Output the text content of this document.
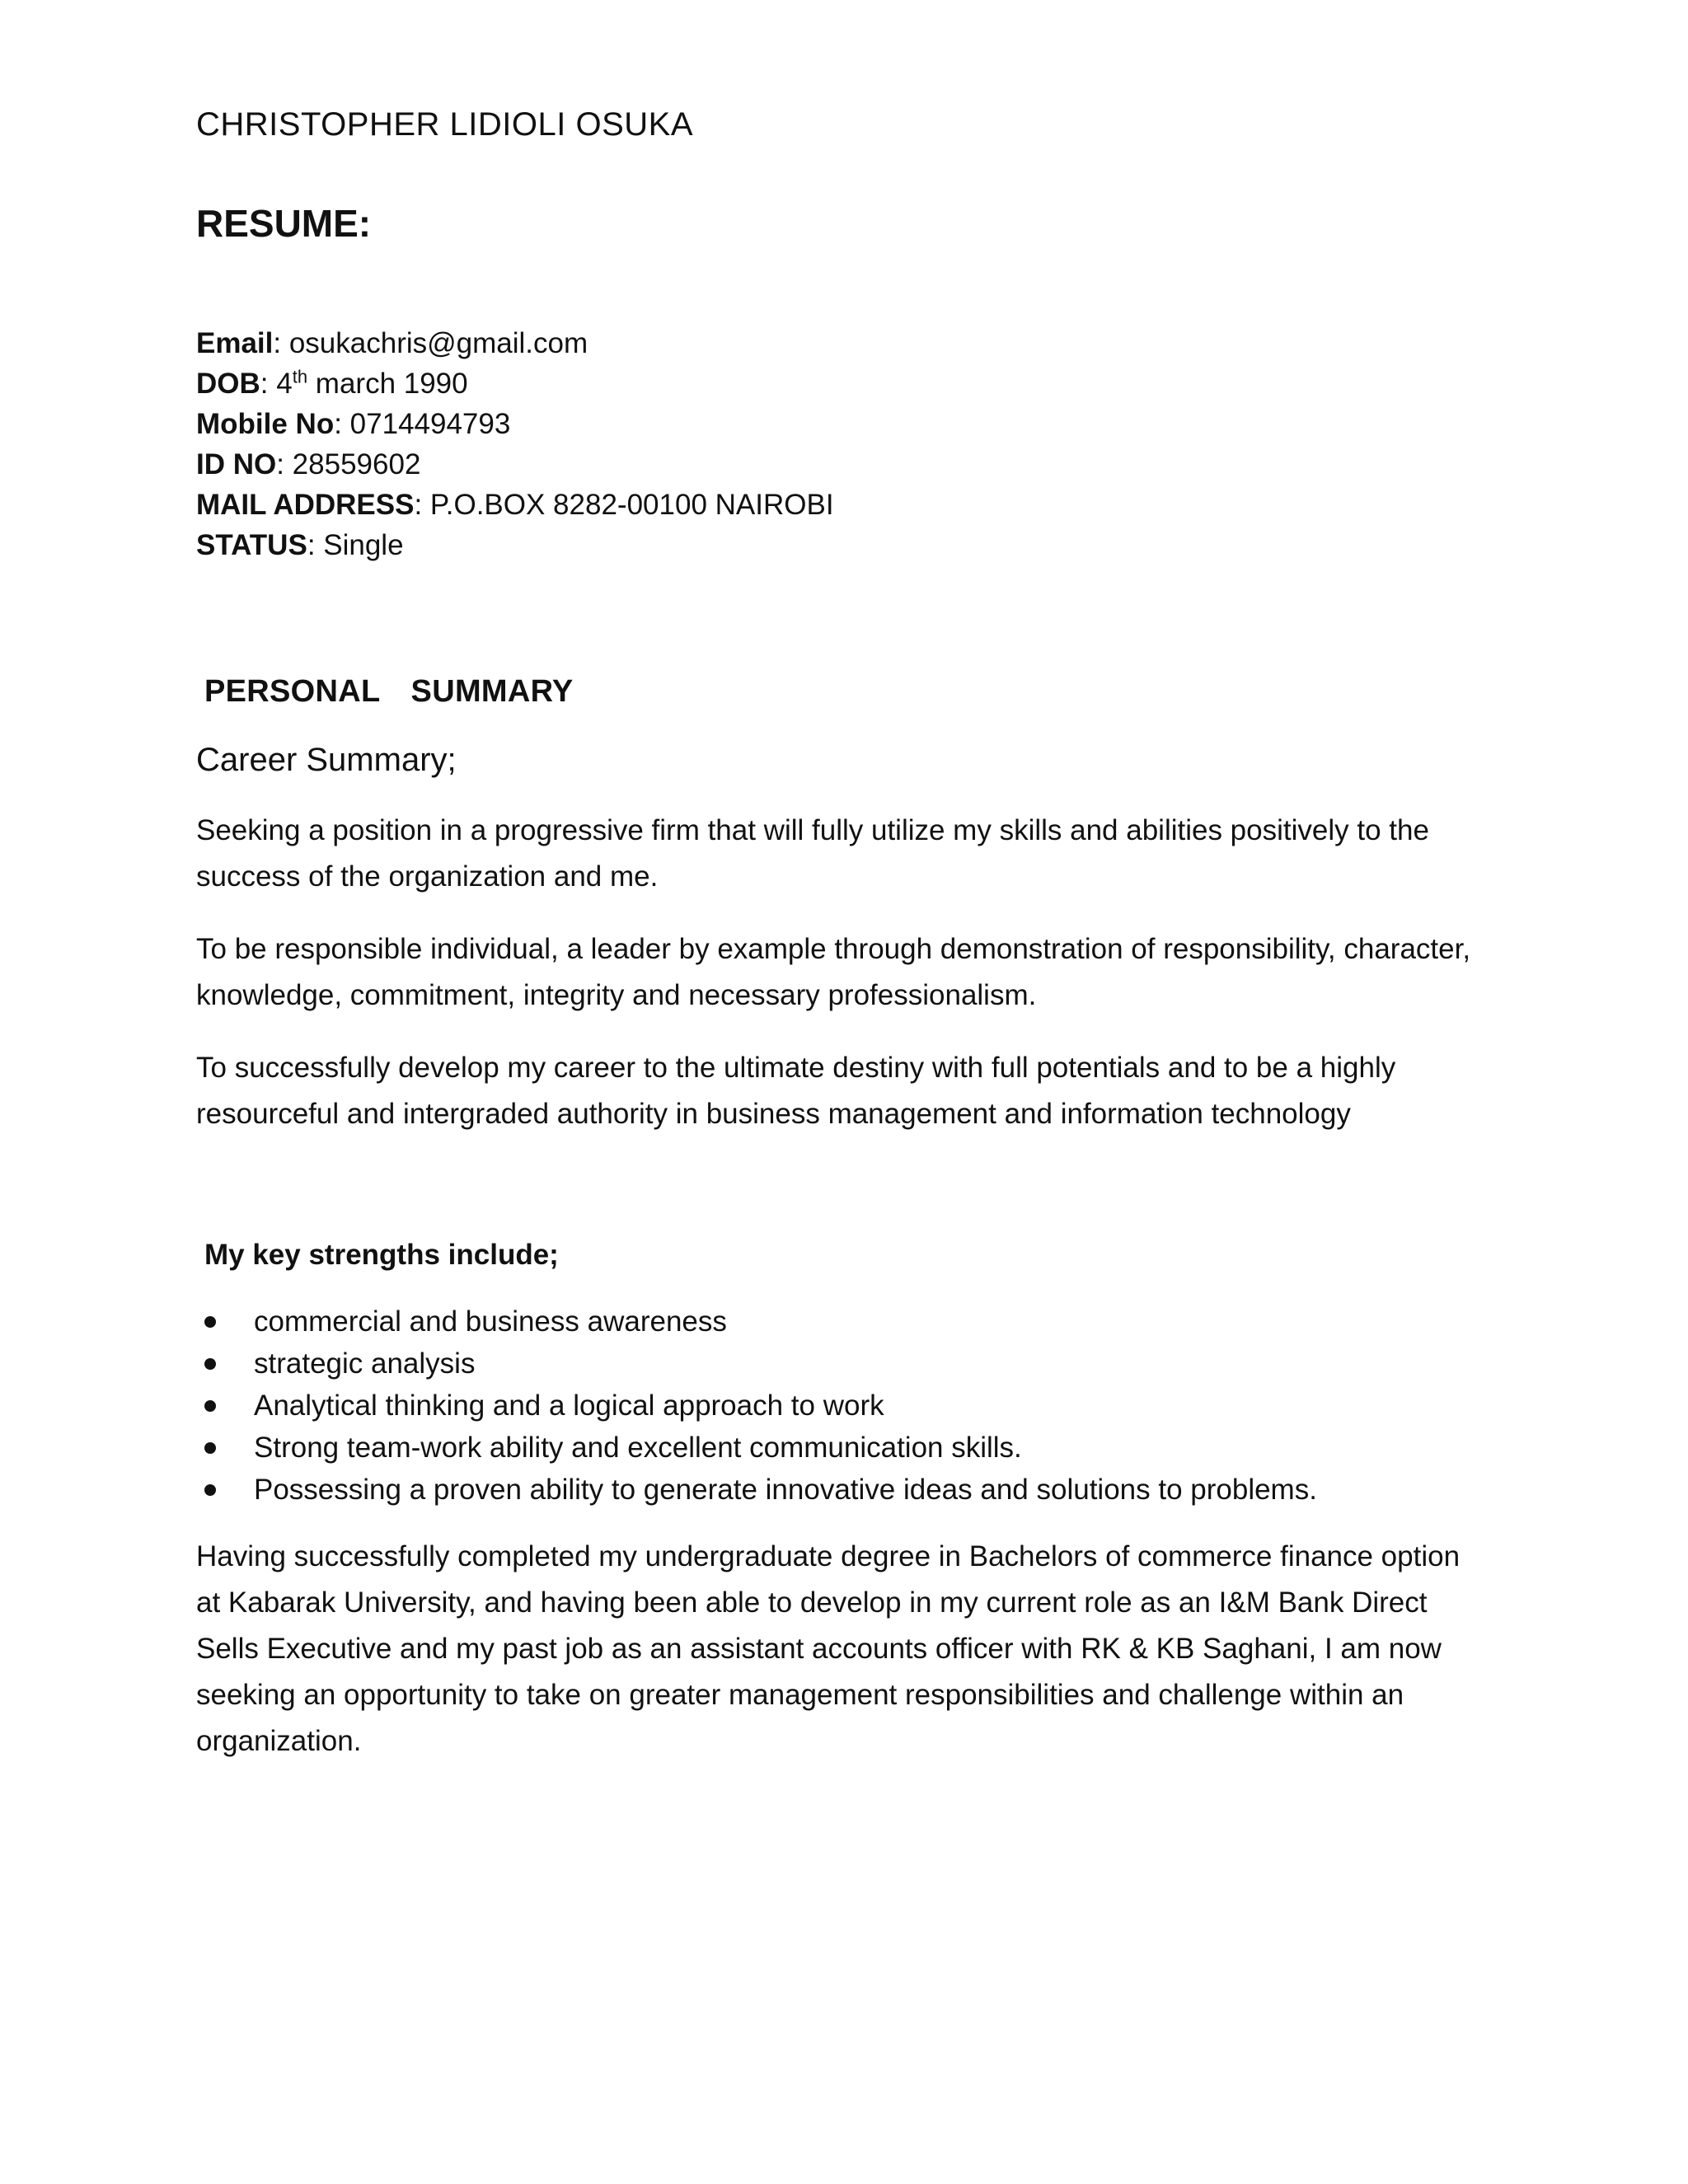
CHRISTOPHER LIDIOLI OSUKA
RESUME:
Email: osukachris@gmail.com
DOB: 4th march 1990
Mobile No: 0714494793
ID NO: 28559602
MAIL ADDRESS: P.O.BOX 8282-00100 NAIROBI
STATUS: Single
PERSONAL  SUMMARY
Career Summary;
Seeking a position in a progressive firm that will fully utilize my skills and abilities positively to the success of the organization and me.
To be responsible individual, a leader by example through demonstration of responsibility, character, knowledge, commitment, integrity and necessary professionalism.
To successfully develop my career to the ultimate destiny with full potentials and to be a highly resourceful and intergraded authority in business management and information technology
My key strengths include;
commercial and business awareness
strategic analysis
Analytical thinking and a logical approach to work
Strong team-work ability and excellent communication skills.
Possessing a proven ability to generate innovative ideas and solutions to problems.
Having successfully completed my undergraduate degree in Bachelors of commerce finance option at Kabarak University, and having been able to develop in my current role as an I&M Bank Direct Sells Executive and my past job as an assistant accounts officer with RK & KB Saghani, I am now seeking an opportunity to take on greater management responsibilities and challenge within an organization.
